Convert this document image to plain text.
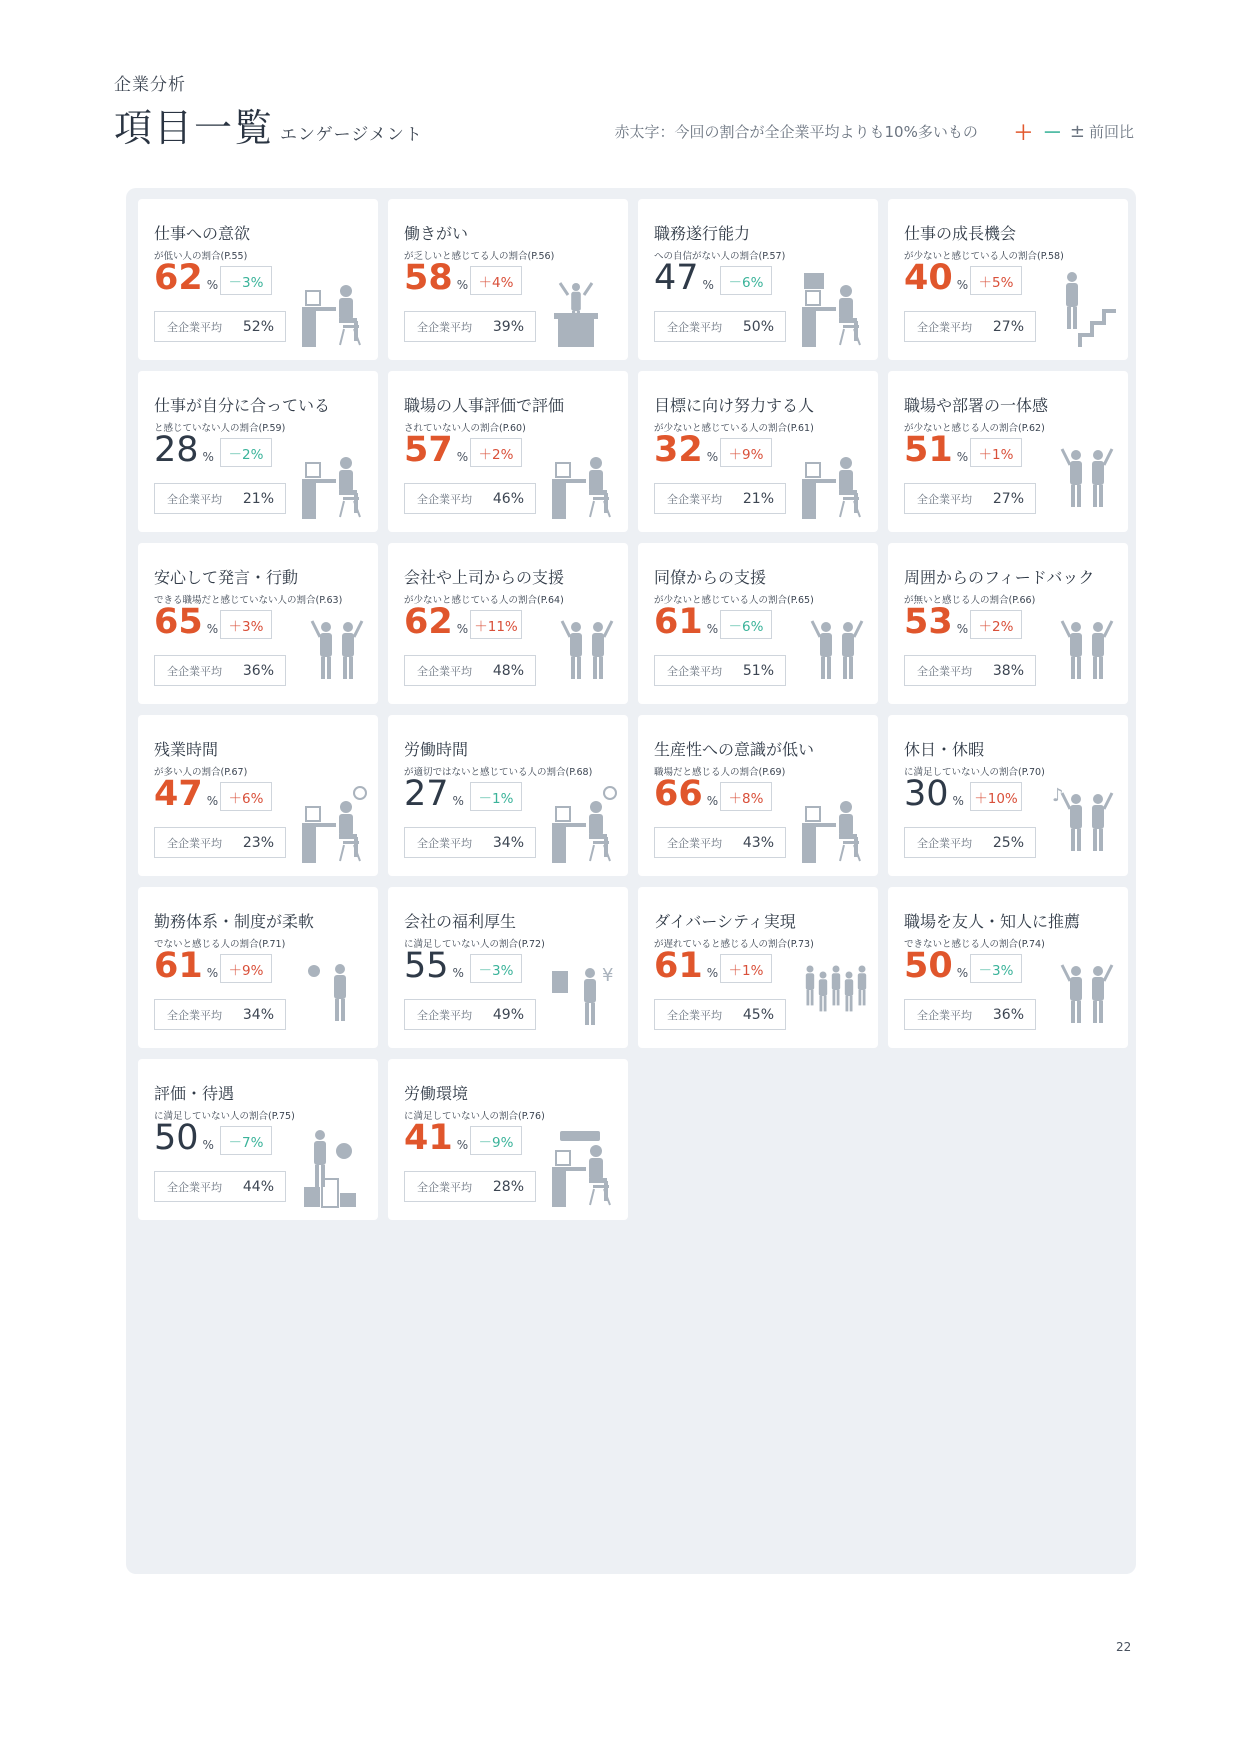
企業分析
項目一覧 エンゲージメント	赤太字：今回の割合が全企業平均よりも10%多いもの ＋ － ± 前回比
仕事への意欲
が低い人の割合(P.55)
62 % －3%
全企業平均 52%
働きがい
が乏しいと感じてる人の割合(P.56)
58 % ＋4%
全企業平均 39%
職務遂行能力
への自信がない人の割合(P.57)
47 %	－6%
全企業平均 50%
仕事の成長機会
が少ないと感じている人の割合(P.58)
40 % ＋5%
全企業平均 27%
仕事が自分に合っている
と感じていない人の割合(P.59)
28 %	－2%
全企業平均 21%
職場の人事評価で評価
されていない人の割合(P.60)
57 % ＋2%
全企業平均 46%
目標に向け努力する人
が少ないと感じている人の割合(P.61)
32 % ＋9%
全企業平均 21%
職場や部署の一体感
が少ないと感じる人の割合(P.62)
51 % ＋1%
全企業平均 27%
安心して発言・行動
できる職場だと感じていない人の割合(P.63)
65 % ＋3%
全企業平均 36%
会社や上司からの支援
が少ないと感じている人の割合(P.64)
62 % ＋11%
全企業平均 48%
同僚からの支援
が少ないと感じている人の割合(P.65)
61 % －6%
全企業平均 51%
周囲からのフィードバック
が無いと感じる人の割合(P.66)
53 % ＋2%
全企業平均 38%
残業時間
が多い人の割合(P.67)
47 % ＋6%
全企業平均 23%
労働時間
が適切ではないと感じている人の割合(P.68)
27 %	－1%
全企業平均 34%
生産性への意識が低い
職場だと感じる人の割合(P.69)
66 % ＋8%
全企業平均 43%
休日・休暇
に満足していない人の割合(P.70)
30 % ＋10%
全企業平均 25%
♪
勤務体系・制度が柔軟
でないと感じる人の割合(P.71)
61 % ＋9%
全企業平均 34%
会社の福利厚生
に満足していない人の割合(P.72)
55 %	－3%
全企業平均 49%
¥
ダイバーシティ実現
が遅れていると感じる人の割合(P.73)
61 % ＋1%
全企業平均 45%
職場を友人・知人に推薦
できないと感じる人の割合(P.74)
50 % －3%
全企業平均 36%
評価・待遇
に満足していない人の割合(P.75)
50 %	－7%
全企業平均 44%
労働環境
に満足していない人の割合(P.76)
41 % －9%
全企業平均 28%
22
